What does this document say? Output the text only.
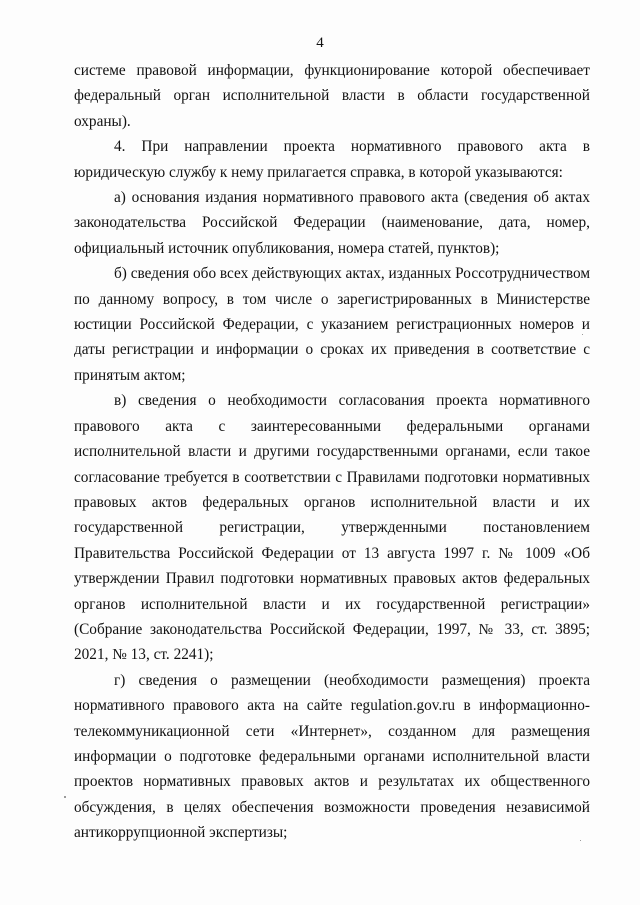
4

системе правовой информации, функционирование которой обеспечивает федеральный орган исполнительной власти в области государственной охраны).

4. При направлении проекта нормативного правового акта в юридическую службу к нему прилагается справка, в которой указываются:

а) основания издания нормативного правового акта (сведения об актах законодательства Российской Федерации (наименование, дата, номер, официальный источник опубликования, номера статей, пунктов);

б) сведения обо всех действующих актах, изданных Россотрудничеством по данному вопросу, в том числе о зарегистрированных в Министерстве юстиции Российской Федерации, с указанием регистрационных номеров и даты регистрации и информации о сроках их приведения в соответствие с принятым актом;

в) сведения о необходимости согласования проекта нормативного правового акта с заинтересованными федеральными органами исполнительной власти и другими государственными органами, если такое согласование требуется в соответствии с Правилами подготовки нормативных правовых актов федеральных органов исполнительной власти и их государственной регистрации, утвержденными постановлением Правительства Российской Федерации от 13 августа 1997 г. № 1009 «Об утверждении Правил подготовки нормативных правовых актов федеральных органов исполнительной власти и их государственной регистрации» (Собрание законодательства Российской Федерации, 1997, № 33, ст. 3895; 2021, № 13, ст. 2241);

г) сведения о размещении (необходимости размещения) проекта нормативного правового акта на сайте regulation.gov.ru в информационно-телекоммуникационной сети «Интернет», созданном для размещения информации о подготовке федеральными органами исполнительной власти проектов нормативных правовых актов и результатах их общественного обсуждения, в целях обеспечения возможности проведения независимой антикоррупционной экспертизы;
